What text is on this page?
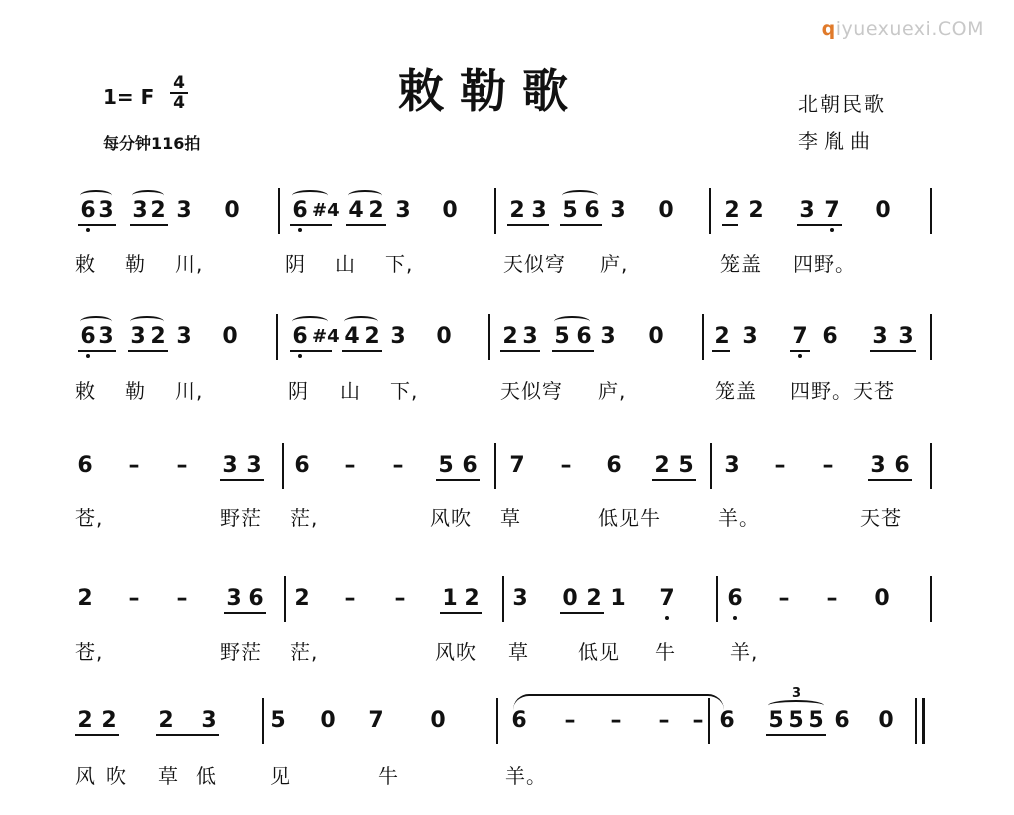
qiyuexuexi.COM
敕勒歌
1= F
4
4
每分钟116拍
北朝民歌
李胤曲
6 3 3 2 3 0 6 #4 4 2 3 0 2 3 5 6 3 0 2 2 3 7 0
敕 勒 川,	阴 山 下,	天似穹 庐,	笼盖 四野。
6 3 3 2 3 0 6 #4 4 2 3 0 2 3 5 6 3 0 2 3 7 6 3 3
敕 勒 川,	阴 山 下,	天似穹 庐,	笼盖 四野。天苍
6 – – 3 3 6 – – 5 6 7 – 6 2 5 3 – – 3 6
苍,	野茫 茫,	风吹 草	低见牛	羊。	天苍
2 – – 3 6 2 – – 1 2 3 0 2 1 7 6 – – 0
苍,	野茫 茫,	风吹 草 低见 牛	羊,
2 2 2 3 5 0 7 0	6 – – – – 6 5 5 5 6 0
风 吹 草 低	见	牛	羊。
3
